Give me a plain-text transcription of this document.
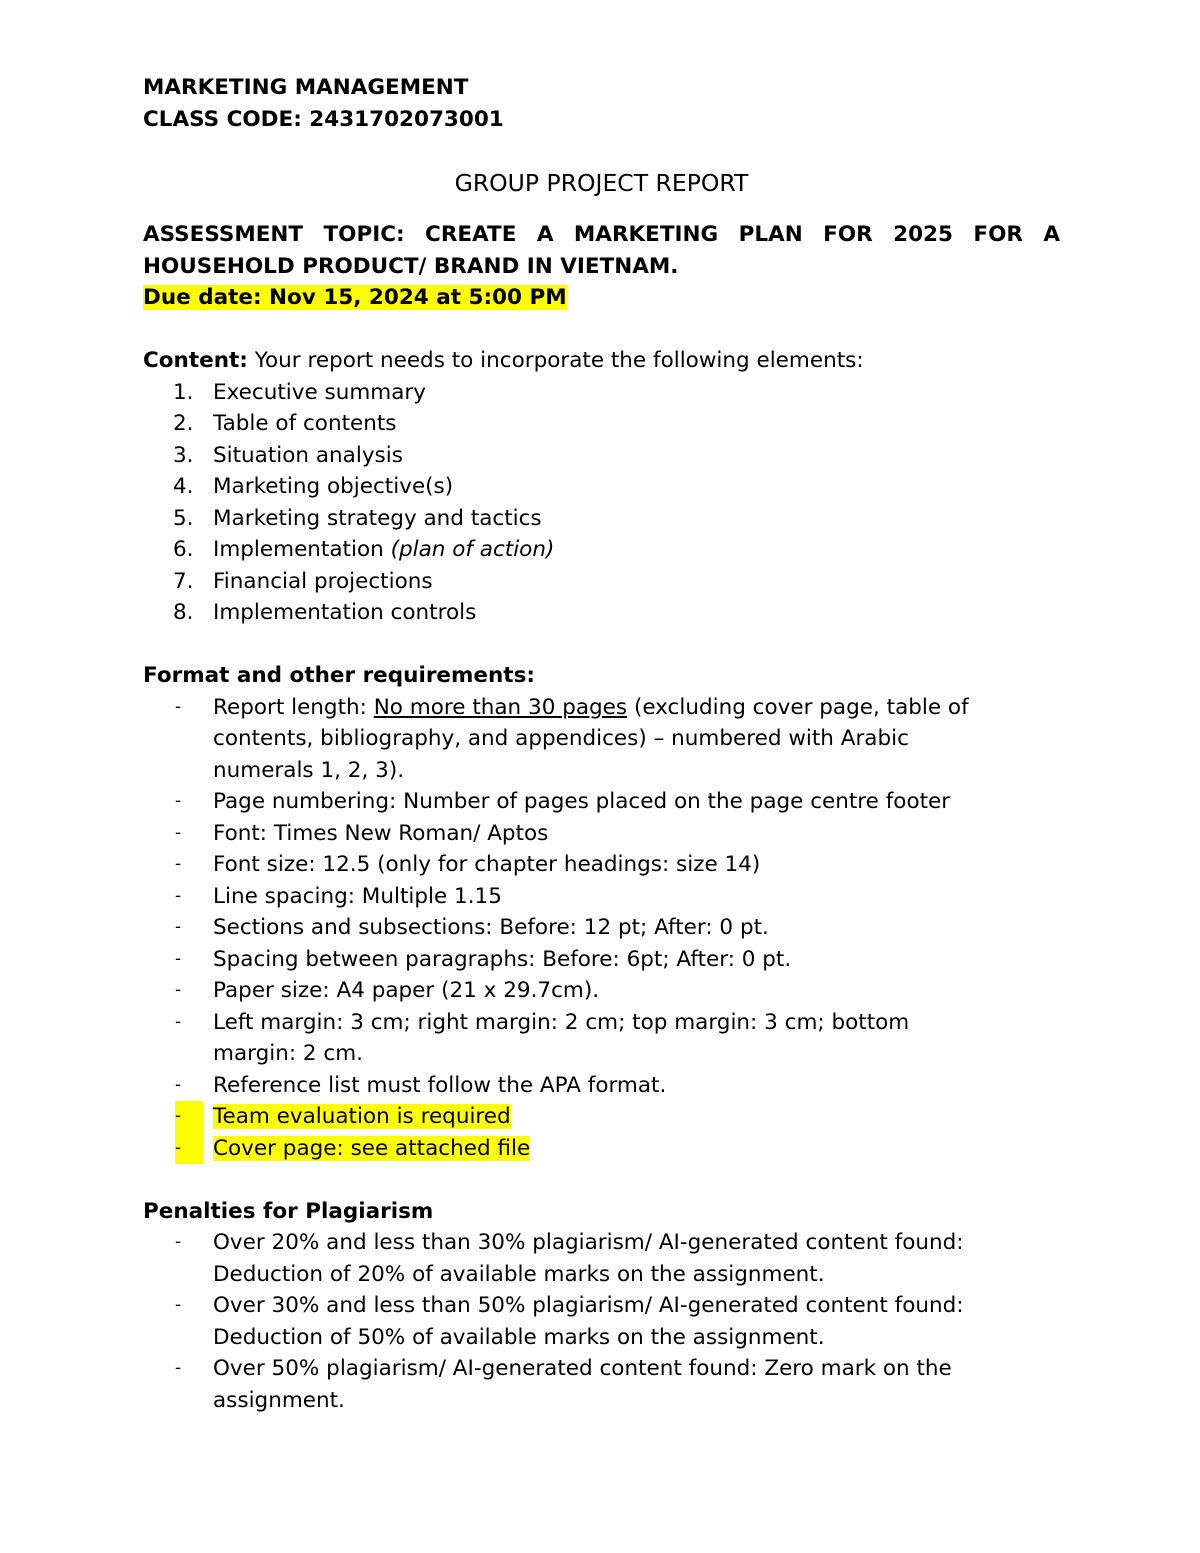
MARKETING MANAGEMENT
CLASS CODE: 2431702073001
GROUP PROJECT REPORT
ASSESSMENT TOPIC: CREATE A MARKETING PLAN FOR 2025 FOR A
HOUSEHOLD PRODUCT/ BRAND IN VIETNAM.
Due date: Nov 15, 2024 at 5:00 PM
Content: Your report needs to incorporate the following elements:
1. Executive summary
2. Table of contents
3. Situation analysis
4. Marketing objective(s)
5. Marketing strategy and tactics
6. Implementation (plan of action)
7. Financial projections
8. Implementation controls
Format and other requirements:
- Report length: No more than 30 pages (excluding cover page, table of
contents, bibliography, and appendices) – numbered with Arabic
numerals 1, 2, 3).
- Page numbering: Number of pages placed on the page centre footer
- Font: Times New Roman/ Aptos
- Font size: 12.5 (only for chapter headings: size 14)
- Line spacing: Multiple 1.15
- Sections and subsections: Before: 12 pt; After: 0 pt.
- Spacing between paragraphs: Before: 6pt; After: 0 pt.
- Paper size: A4 paper (21 x 29.7cm).
- Left margin: 3 cm; right margin: 2 cm; top margin: 3 cm; bottom
margin: 2 cm.
- Reference list must follow the APA format.
-	Team evaluation is required
-	Cover page: see attached file
Penalties for Plagiarism
- Over 20% and less than 30% plagiarism/ AI-generated content found:
Deduction of 20% of available marks on the assignment.
- Over 30% and less than 50% plagiarism/ AI-generated content found:
Deduction of 50% of available marks on the assignment.
- Over 50% plagiarism/ AI-generated content found: Zero mark on the
assignment.
